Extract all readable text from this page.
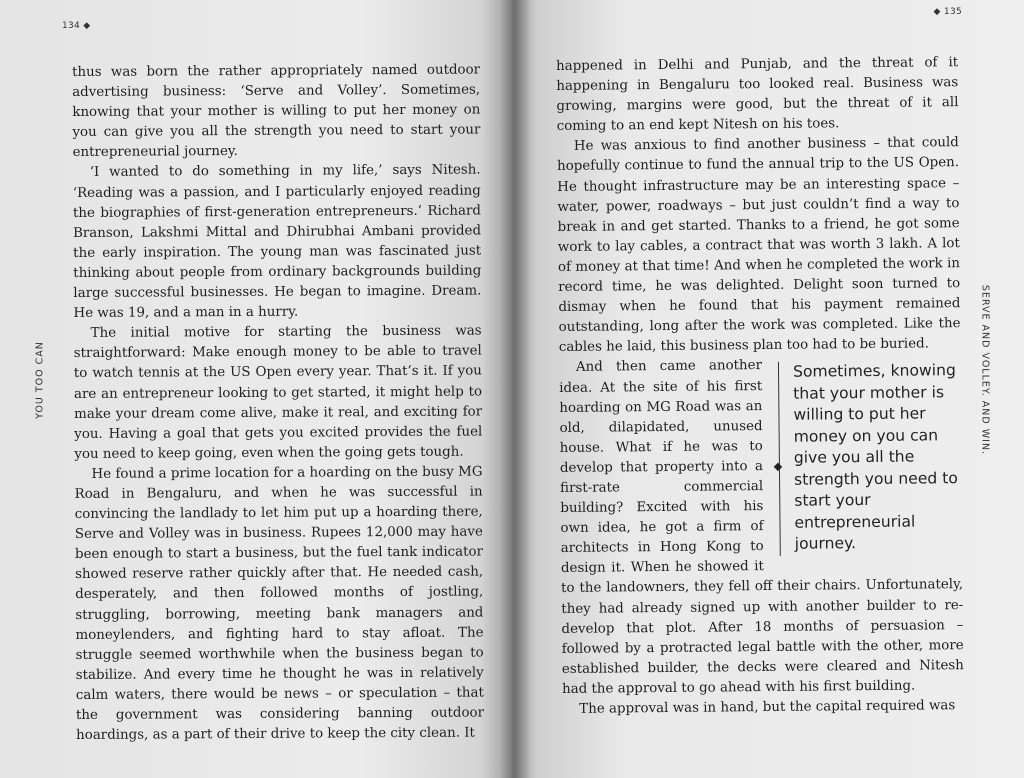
134 ◆
YOU TOO CAN

thus was born the rather appropriately named outdoor advertising business: ‘Serve and Volley’. Sometimes, knowing that your mother is willing to put her money on you can give you all the strength you need to start your entrepreneurial journey.

‘I wanted to do something in my life,’ says Nitesh. ‘Reading was a passion, and I particularly enjoyed reading the biographies of first-generation entrepreneurs.’ Richard Branson, Lakshmi Mittal and Dhirubhai Ambani provided the early inspiration. The young man was fascinated just thinking about people from ordinary backgrounds building large successful businesses. He began to imagine. Dream. He was 19, and a man in a hurry.

The initial motive for starting the business was straightforward: Make enough money to be able to travel to watch tennis at the US Open every year. That’s it. If you are an entrepreneur looking to get started, it might help to make your dream come alive, make it real, and exciting for you. Having a goal that gets you excited provides the fuel you need to keep going, even when the going gets tough.

He found a prime location for a hoarding on the busy MG Road in Bengaluru, and when he was successful in convincing the landlady to let him put up a hoarding there, Serve and Volley was in business. Rupees 12,000 may have been enough to start a business, but the fuel tank indicator showed reserve rather quickly after that. He needed cash, desperately, and then followed months of jostling, struggling, borrowing, meeting bank managers and moneylenders, and fighting hard to stay afloat. The struggle seemed worthwhile when the business began to stabilize. And every time he thought he was in relatively calm waters, there would be news – or speculation – that the government was considering banning outdoor hoardings, as a part of their drive to keep the city clean. It

◆ 135
SERVE AND VOLLEY. AND WIN.

happened in Delhi and Punjab, and the threat of it happening in Bengaluru too looked real. Business was growing, margins were good, but the threat of it all coming to an end kept Nitesh on his toes.

He was anxious to find another business – that could hopefully continue to fund the annual trip to the US Open. He thought infrastructure may be an interesting space – water, power, roadways – but just couldn’t find a way to break in and get started. Thanks to a friend, he got some work to lay cables, a contract that was worth 3 lakh. A lot of money at that time! And when he completed the work in record time, he was delighted. Delight soon turned to dismay when he found that his payment remained outstanding, long after the work was completed. Like the cables he laid, this business plan too had to be buried.

Sometimes, knowing that your mother is willing to put her money on you can give you all the strength you need to start your entrepreneurial journey.

And then came another idea. At the site of his first hoarding on MG Road was an old, dilapidated, unused house. What if he was to develop that property into a first-rate commercial building? Excited with his own idea, he got a firm of architects in Hong Kong to design it. When he showed it to the landowners, they fell off their chairs. Unfortunately, they had already signed up with another builder to re-develop that plot. After 18 months of persuasion – followed by a protracted legal battle with the other, more established builder, the decks were cleared and Nitesh had the approval to go ahead with his first building.

The approval was in hand, but the capital required was
